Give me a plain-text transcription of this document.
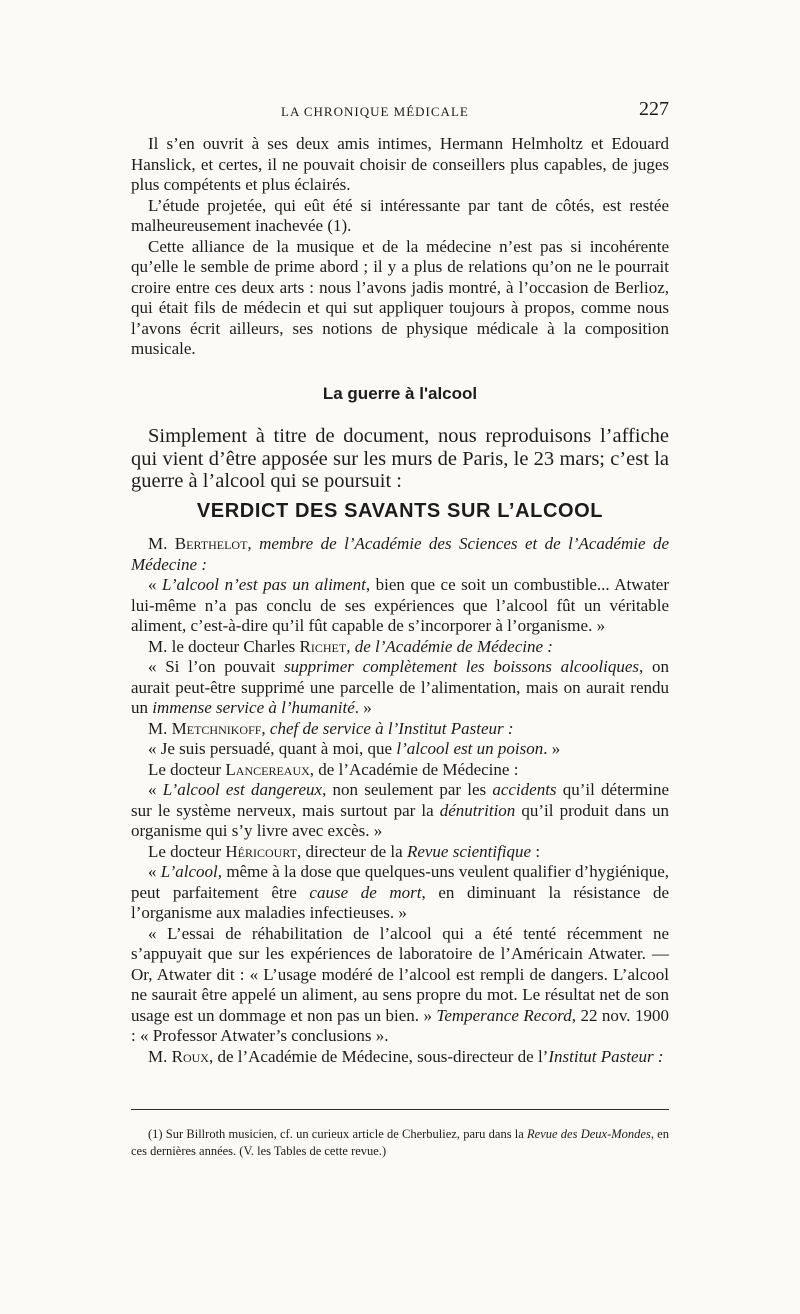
LA CHRONIQUE MÉDICALE	227

Il s’en ouvrit à ses deux amis intimes, Hermann Helmholtz et Edouard Hanslick, et certes, il ne pouvait choisir de conseillers plus capables, de juges plus compétents et plus éclairés.

L’étude projetée, qui eût été si intéressante par tant de côtés, est restée malheureusement inachevée (1).

Cette alliance de la musique et de la médecine n’est pas si incohérente qu’elle le semble de prime abord ; il y a plus de relations qu’on ne le pourrait croire entre ces deux arts : nous l’avons jadis montré, à l’occasion de Berlioz, qui était fils de médecin et qui sut appliquer toujours à propos, comme nous l’avons écrit ailleurs, ses notions de physique médicale à la composition musicale.

La guerre à l'alcool

Simplement à titre de document, nous reproduisons l’affiche qui vient d’être apposée sur les murs de Paris, le 23 mars; c’est la guerre à l’alcool qui se poursuit :

VERDICT DES SAVANTS SUR L’ALCOOL

M. Berthelot, membre de l’Académie des Sciences et de l’Académie de Médecine :

« L’alcool n’est pas un aliment, bien que ce soit un combustible... Atwater lui-même n’a pas conclu de ses expériences que l’alcool fût un véritable aliment, c’est-à-dire qu’il fût capable de s’incorporer à l’organisme. »

M. le docteur Charles Richet, de l’Académie de Médecine :

« Si l’on pouvait supprimer complètement les boissons alcooliques, on aurait peut-être supprimé une parcelle de l’alimentation, mais on aurait rendu un immense service à l’humanité. »

M. Metchnikoff, chef de service à l’Institut Pasteur :

« Je suis persuadé, quant à moi, que l’alcool est un poison. »

Le docteur Lancereaux, de l’Académie de Médecine :

« L’alcool est dangereux, non seulement par les accidents qu’il détermine sur le système nerveux, mais surtout par la dénutrition qu’il produit dans un organisme qui s’y livre avec excès. »

Le docteur Héricourt, directeur de la Revue scientifique :

« L’alcool, même à la dose que quelques-uns veulent qualifier d’hygiénique, peut parfaitement être cause de mort, en diminuant la résistance de l’organisme aux maladies infectieuses. »

« L’essai de réhabilitation de l’alcool qui a été tenté récemment ne s’appuyait que sur les expériences de laboratoire de l’Américain Atwater. — Or, Atwater dit : « L’usage modéré de l’alcool est rempli de dangers. L’alcool ne saurait être appelé un aliment, au sens propre du mot. Le résultat net de son usage est un dommage et non pas un bien. » Temperance Record, 22 nov. 1900 : « Professor Atwater’s conclusions ».

M. Roux, de l’Académie de Médecine, sous-directeur de l’Institut Pasteur :

(1) Sur Billroth musicien, cf. un curieux article de Cherbuliez, paru dans la Revue des Deux-Mondes, en ces dernières années. (V. les Tables de cette revue.)
